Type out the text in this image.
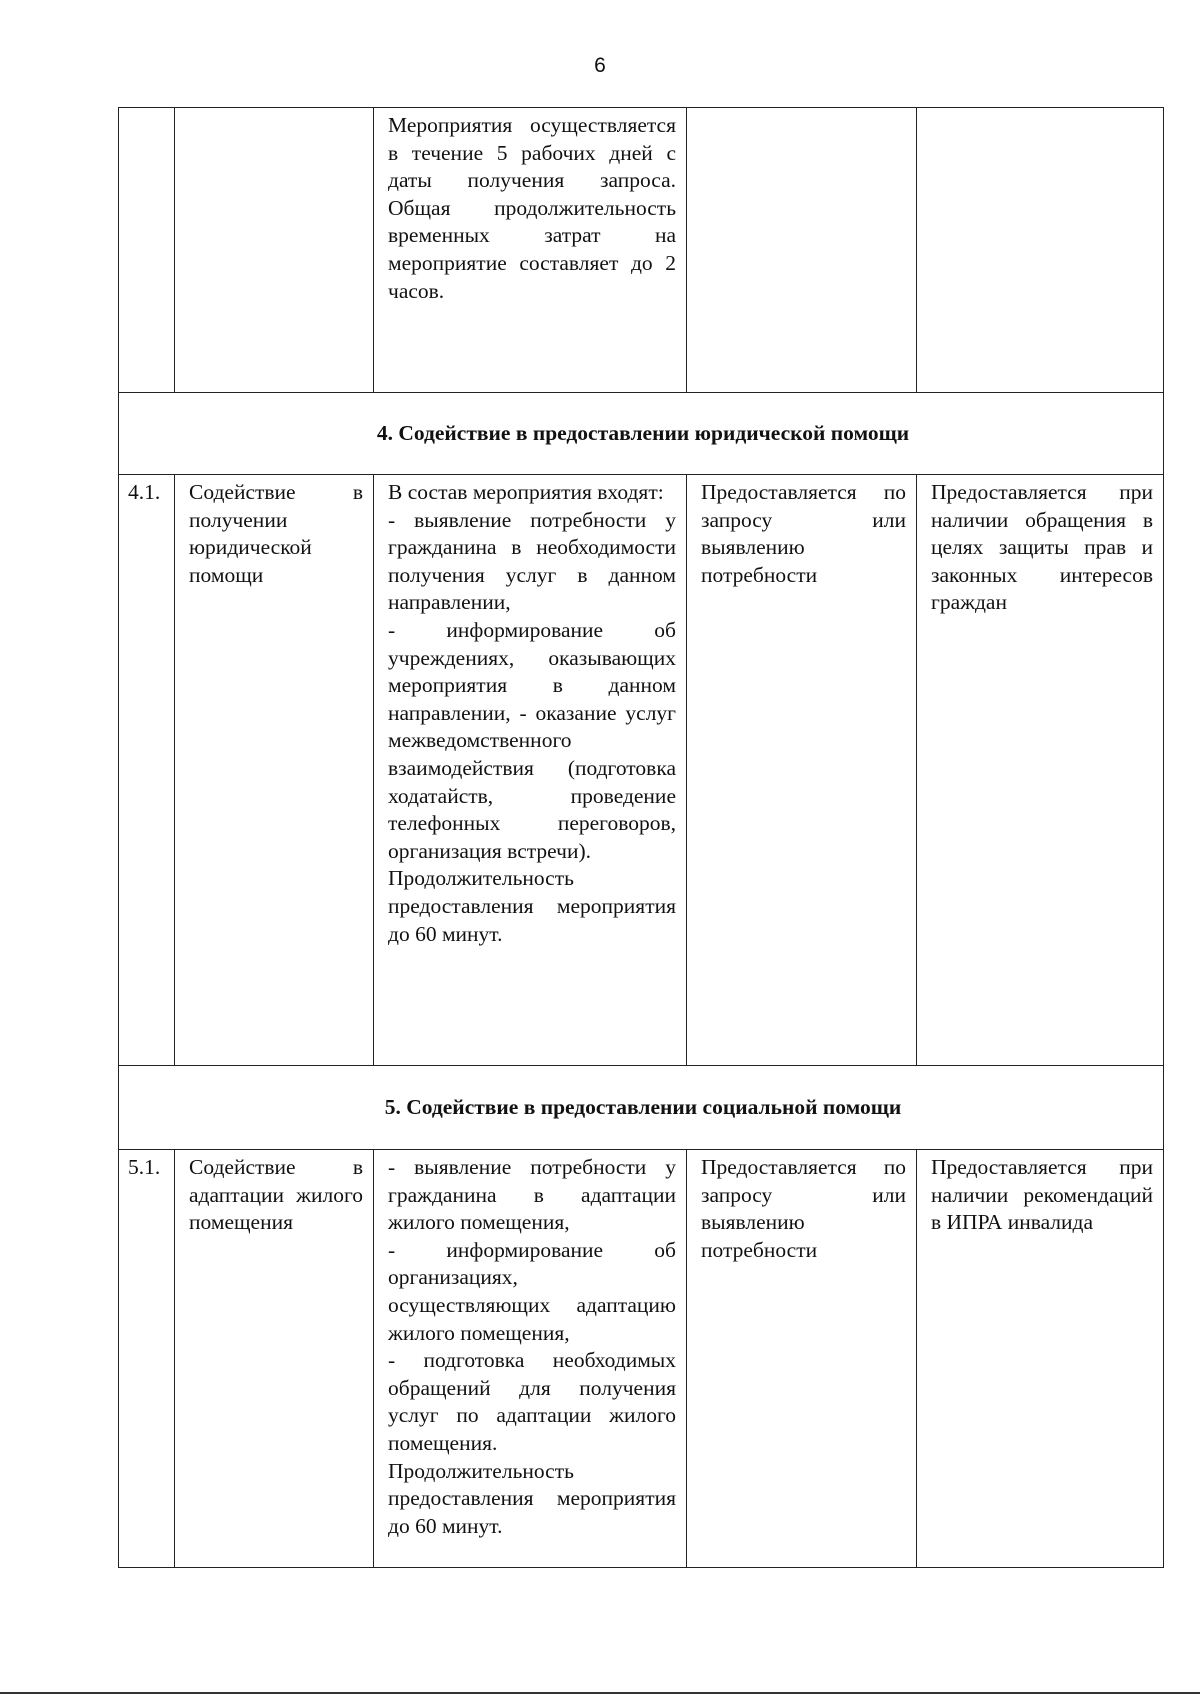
6
		Мероприятия осуществляется в течение 5 рабочих дней с даты получения запроса. Общая продолжительность временных затрат на мероприятие составляет до 2 часов.		
4. Содействие в предоставлении юридической помощи				
4.1.	Содействие в получении юридической помощи	В состав мероприятия входят:
- выявление потребности у гражданина в необходимости получения услуг в данном направлении,
- информирование об учреждениях, оказывающих мероприятия в данном направлении, - оказание услуг межведомственного взаимодействия (подготовка ходатайств, проведение телефонных переговоров, организация встречи).
Продолжительность предоставления мероприятия до 60 минут.	Предоставляется по запросу или выявлению потребности	Предоставляется при наличии обращения в целях защиты прав и законных интересов граждан
5. Содействие в предоставлении социальной помощи				
5.1.	Содействие в адаптации жилого помещения	- выявление потребности у гражданина в адаптации жилого помещения,
- информирование об организациях, осуществляющих адаптацию жилого помещения,
- подготовка необходимых обращений для получения услуг по адаптации жилого помещения.
Продолжительность предоставления мероприятия до 60 минут.	Предоставляется по запросу или выявлению потребности	Предоставляется при наличии рекомендаций в ИПРА инвалида
